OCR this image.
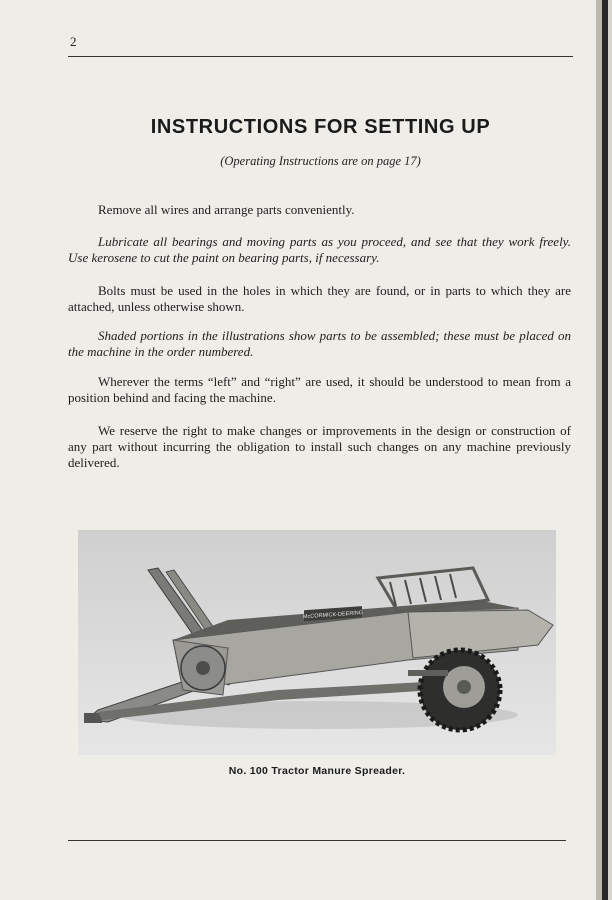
2
INSTRUCTIONS FOR SETTING UP

(Operating Instructions are on page 17)

Remove all wires and arrange parts conveniently.

Lubricate all bearings and moving parts as you proceed, and see that they work freely. Use kerosene to cut the paint on bearing parts, if necessary.

Bolts must be used in the holes in which they are found, or in parts to which they are attached, unless otherwise shown.

Shaded portions in the illustrations show parts to be assembled; these must be placed on the machine in the order numbered.

Wherever the terms “left” and “right” are used, it should be understood to mean from a position behind and facing the machine.

We reserve the right to make changes or improvements in the design or construction of any part without incurring the obligation to install such changes on any machine previously delivered.

McCORMICK-DEERING

No. 100 Tractor Manure Spreader.
